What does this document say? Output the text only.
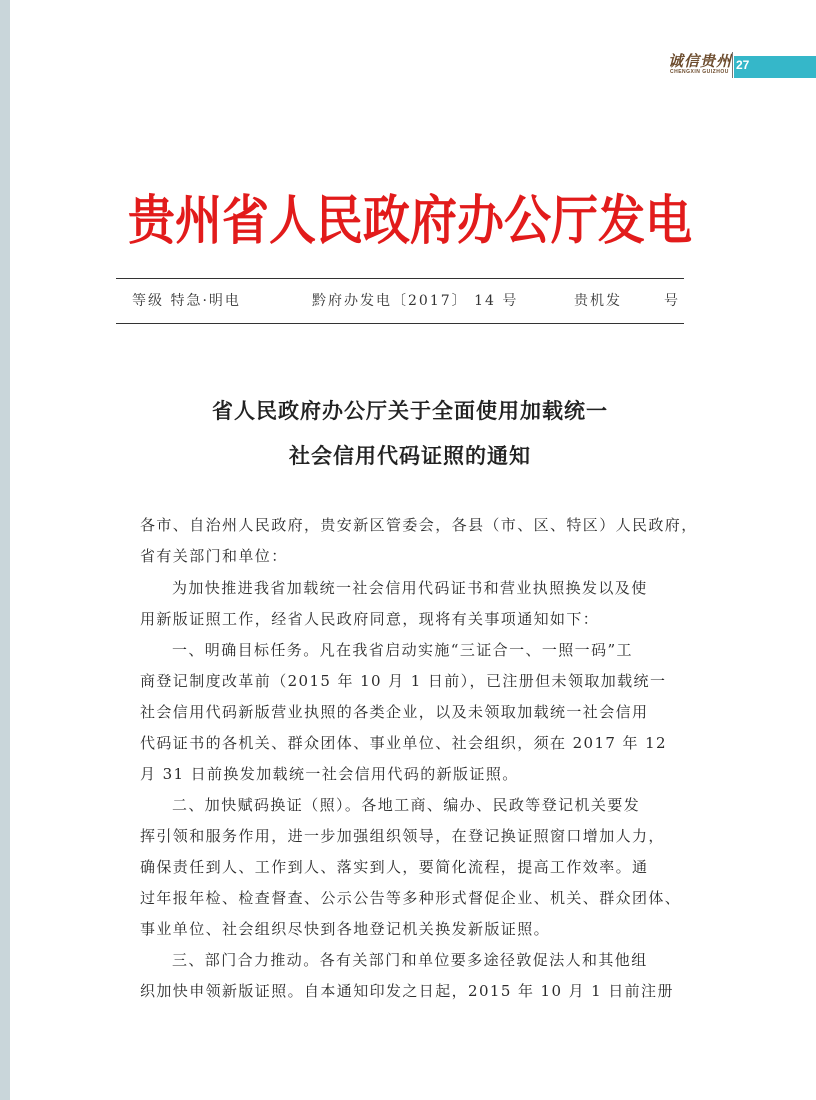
诚信贵州
CHENGXIN GUIZHOU 27
贵州省人民政府办公厅发电
等级 特急·明电	黔府办发电〔2017〕 14 号	贵机发	号
省人民政府办公厅关于全面使用加载统一
社会信用代码证照的通知
各市、自治州人民政府，贵安新区管委会，各县（市、区、特区）人民政府，
省有关部门和单位：
为加快推进我省加载统一社会信用代码证书和营业执照换发以及使
用新版证照工作，经省人民政府同意，现将有关事项通知如下：
一、明确目标任务。凡在我省启动实施“三证合一、一照一码”工
商登记制度改革前（2015 年 10 月 1 日前），已注册但未领取加载统一
社会信用代码新版营业执照的各类企业，以及未领取加载统一社会信用
代码证书的各机关、群众团体、事业单位、社会组织，须在 2017 年 12
月 31 日前换发加载统一社会信用代码的新版证照。
二、加快赋码换证（照）。各地工商、编办、民政等登记机关要发
挥引领和服务作用，进一步加强组织领导，在登记换证照窗口增加人力，
确保责任到人、工作到人、落实到人，要简化流程，提高工作效率。通
过年报年检、检查督查、公示公告等多种形式督促企业、机关、群众团体、
事业单位、社会组织尽快到各地登记机关换发新版证照。
三、部门合力推动。各有关部门和单位要多途径敦促法人和其他组
织加快申领新版证照。自本通知印发之日起，2015 年 10 月 1 日前注册
